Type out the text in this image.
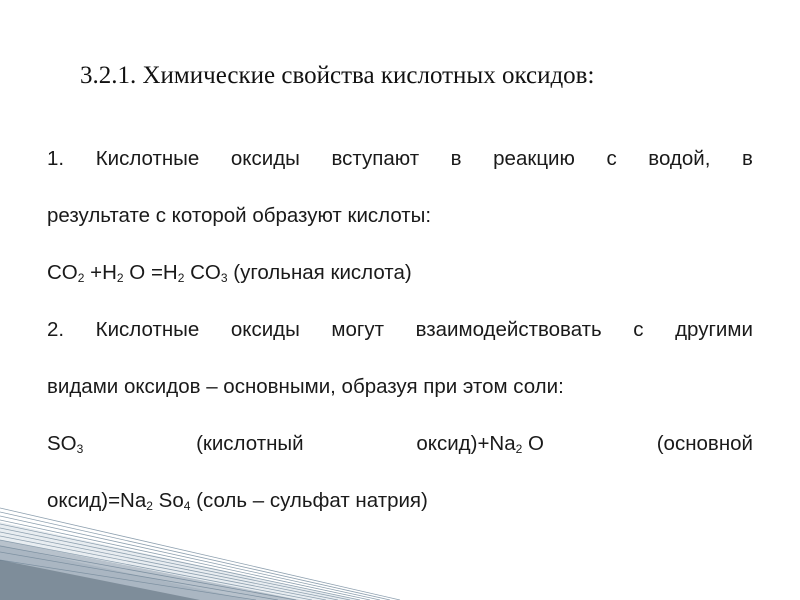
3.2.1. Химические свойства кислотных оксидов:
1. Кислотные оксиды вступают в реакцию с водой, в
результате с которой образуют кислоты:
$CO_2 +H_2$ $O =H_2$ $CO_3$ (угольная кислота)
2. Кислотные оксиды могут взаимодействовать с другими
видами оксидов – основными, образуя при этом соли:
$SO_3$	(кислотный	$оксид)+Na_2$ O	(основной
$оксид)=Na_2$ $So_4$ (соль – сульфат натрия)
